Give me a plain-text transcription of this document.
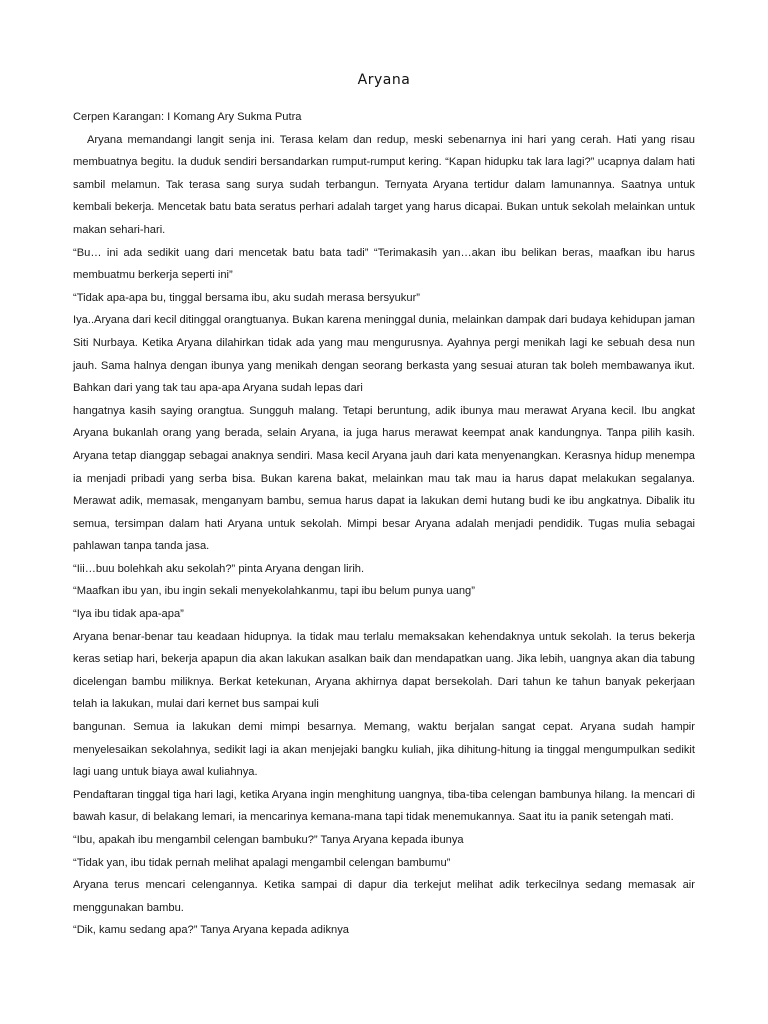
Aryana

Cerpen Karangan: I Komang Ary Sukma Putra

Aryana memandangi langit senja ini. Terasa kelam dan redup, meski sebenarnya ini hari yang cerah. Hati yang risau membuatnya begitu. Ia duduk sendiri bersandarkan rumput-rumput kering. “Kapan hidupku tak lara lagi?” ucapnya dalam hati sambil melamun. Tak terasa sang surya sudah terbangun. Ternyata Aryana tertidur dalam lamunannya. Saatnya untuk kembali bekerja. Mencetak batu bata seratus perhari adalah target yang harus dicapai. Bukan untuk sekolah melainkan untuk makan sehari-hari.

“Bu… ini ada sedikit uang dari mencetak batu bata tadi” “Terimakasih yan…akan ibu belikan beras, maafkan ibu harus membuatmu berkerja seperti ini”

“Tidak apa-apa bu, tinggal bersama ibu, aku sudah merasa bersyukur”

Iya..Aryana dari kecil ditinggal orangtuanya. Bukan karena meninggal dunia, melainkan dampak dari budaya kehidupan jaman Siti Nurbaya. Ketika Aryana dilahirkan tidak ada yang mau mengurusnya. Ayahnya pergi menikah lagi ke sebuah desa nun jauh. Sama halnya dengan ibunya yang menikah dengan seorang berkasta yang sesuai aturan tak boleh membawanya ikut. Bahkan dari yang tak tau apa-apa Aryana sudah lepas dari

hangatnya kasih saying orangtua. Sungguh malang. Tetapi beruntung, adik ibunya mau merawat Aryana kecil. Ibu angkat Aryana bukanlah orang yang berada, selain Aryana, ia juga harus merawat keempat anak kandungnya. Tanpa pilih kasih. Aryana tetap dianggap sebagai anaknya sendiri. Masa kecil Aryana jauh dari kata menyenangkan. Kerasnya hidup menempa ia menjadi pribadi yang serba bisa. Bukan karena bakat, melainkan mau tak mau ia harus dapat melakukan segalanya. Merawat adik, memasak, menganyam bambu, semua harus dapat ia lakukan demi hutang budi ke ibu angkatnya. Dibalik itu semua, tersimpan dalam hati Aryana untuk sekolah. Mimpi besar Aryana adalah menjadi pendidik. Tugas mulia sebagai pahlawan tanpa tanda jasa.

“Iii…buu bolehkah aku sekolah?” pinta Aryana dengan lirih.

“Maafkan ibu yan, ibu ingin sekali menyekolahkanmu, tapi ibu belum punya uang”

“Iya ibu tidak apa-apa”

Aryana benar-benar tau keadaan hidupnya. Ia tidak mau terlalu memaksakan kehendaknya untuk sekolah. Ia terus bekerja keras setiap hari, bekerja apapun dia akan lakukan asalkan baik dan mendapatkan uang. Jika lebih, uangnya akan dia tabung dicelengan bambu miliknya. Berkat ketekunan, Aryana akhirnya dapat bersekolah. Dari tahun ke tahun banyak pekerjaan telah ia lakukan, mulai dari kernet bus sampai kuli

bangunan. Semua ia lakukan demi mimpi besarnya. Memang, waktu berjalan sangat cepat. Aryana sudah hampir menyelesaikan sekolahnya, sedikit lagi ia akan menjejaki bangku kuliah, jika dihitung-hitung ia tinggal mengumpulkan sedikit lagi uang untuk biaya awal kuliahnya.

Pendaftaran tinggal tiga hari lagi, ketika Aryana ingin menghitung uangnya, tiba-tiba celengan bambunya hilang. Ia mencari di bawah kasur, di belakang lemari, ia mencarinya kemana-mana tapi tidak menemukannya. Saat itu ia panik setengah mati.

“Ibu, apakah ibu mengambil celengan bambuku?” Tanya Aryana kepada ibunya

“Tidak yan, ibu tidak pernah melihat apalagi mengambil celengan bambumu”

Aryana terus mencari celengannya. Ketika sampai di dapur dia terkejut melihat adik terkecilnya sedang memasak air menggunakan bambu.

“Dik, kamu sedang apa?” Tanya Aryana kepada adiknya
